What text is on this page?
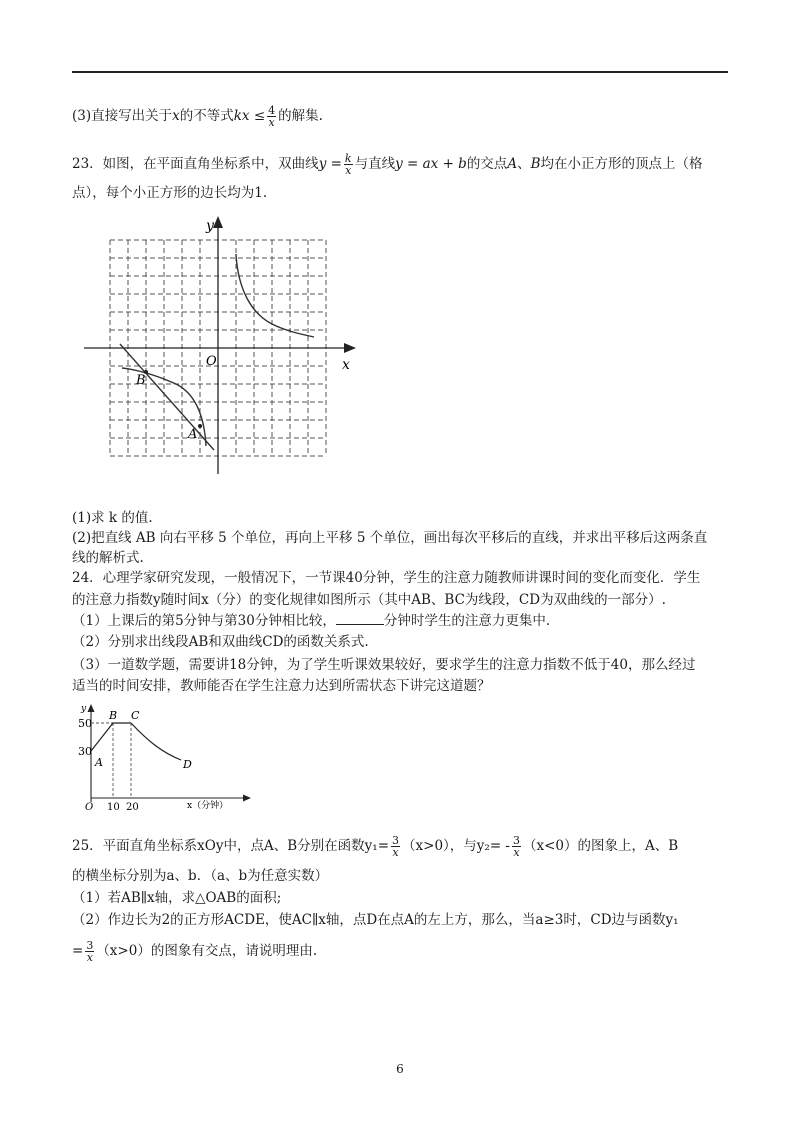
(3)直接写出关于x的不等式kx ≤ $\frac{4}{x}$ 的解集.
23．如图，在平面直角坐标系中，双曲线$y = \frac{k}{x}$ 与直线y = ax + b的交点A、B均在小正方形的顶点上（格
点），每个小正方形的边长均为1.
y
x
O
B
A
(1)求 k 的值.
(2)把直线 AB 向右平移 5 个单位，再向上平移 5 个单位，画出每次平移后的直线，并求出平移后这两条直
线的解析式.
24．心理学家研究发现，一般情况下，一节课40分钟，学生的注意力随教师讲课时间的变化而变化．学生
的注意力指数y随时间x（分）的变化规律如图所示（其中AB、BC为线段，CD为双曲线的一部分）.
（1）上课后的第5分钟与第30分钟相比较，	分钟时学生的注意力更集中.
（2）分别求出线段AB和双曲线CD的函数关系式.
（3）一道数学题，需要讲18分钟，为了学生听课效果较好，要求学生的注意力指数不低于40，那么经过
适当的时间安排，教师能否在学生注意力达到所需状态下讲完这道题？
y
50
30
A
B C
D
O 10 20	x（分钟）
25．平面直角坐标系xOy中，点A、B分别在函数$y_1= \frac{3}{x} (x>0)$，与$y_2= - \frac{3}{x} (x<0)$的图象上，A、B
的横坐标分别为a、b．（a、b为任意实数）
（1）若AB∥x轴，求△OAB的面积;
（2）作边长为2的正方形ACDE，使AC∥x轴，点D在点A的左上方，那么，当a≥3时，CD边与函数y₁
= $\frac{3}{x} (x>0)$的图象有交点，请说明理由.
6
